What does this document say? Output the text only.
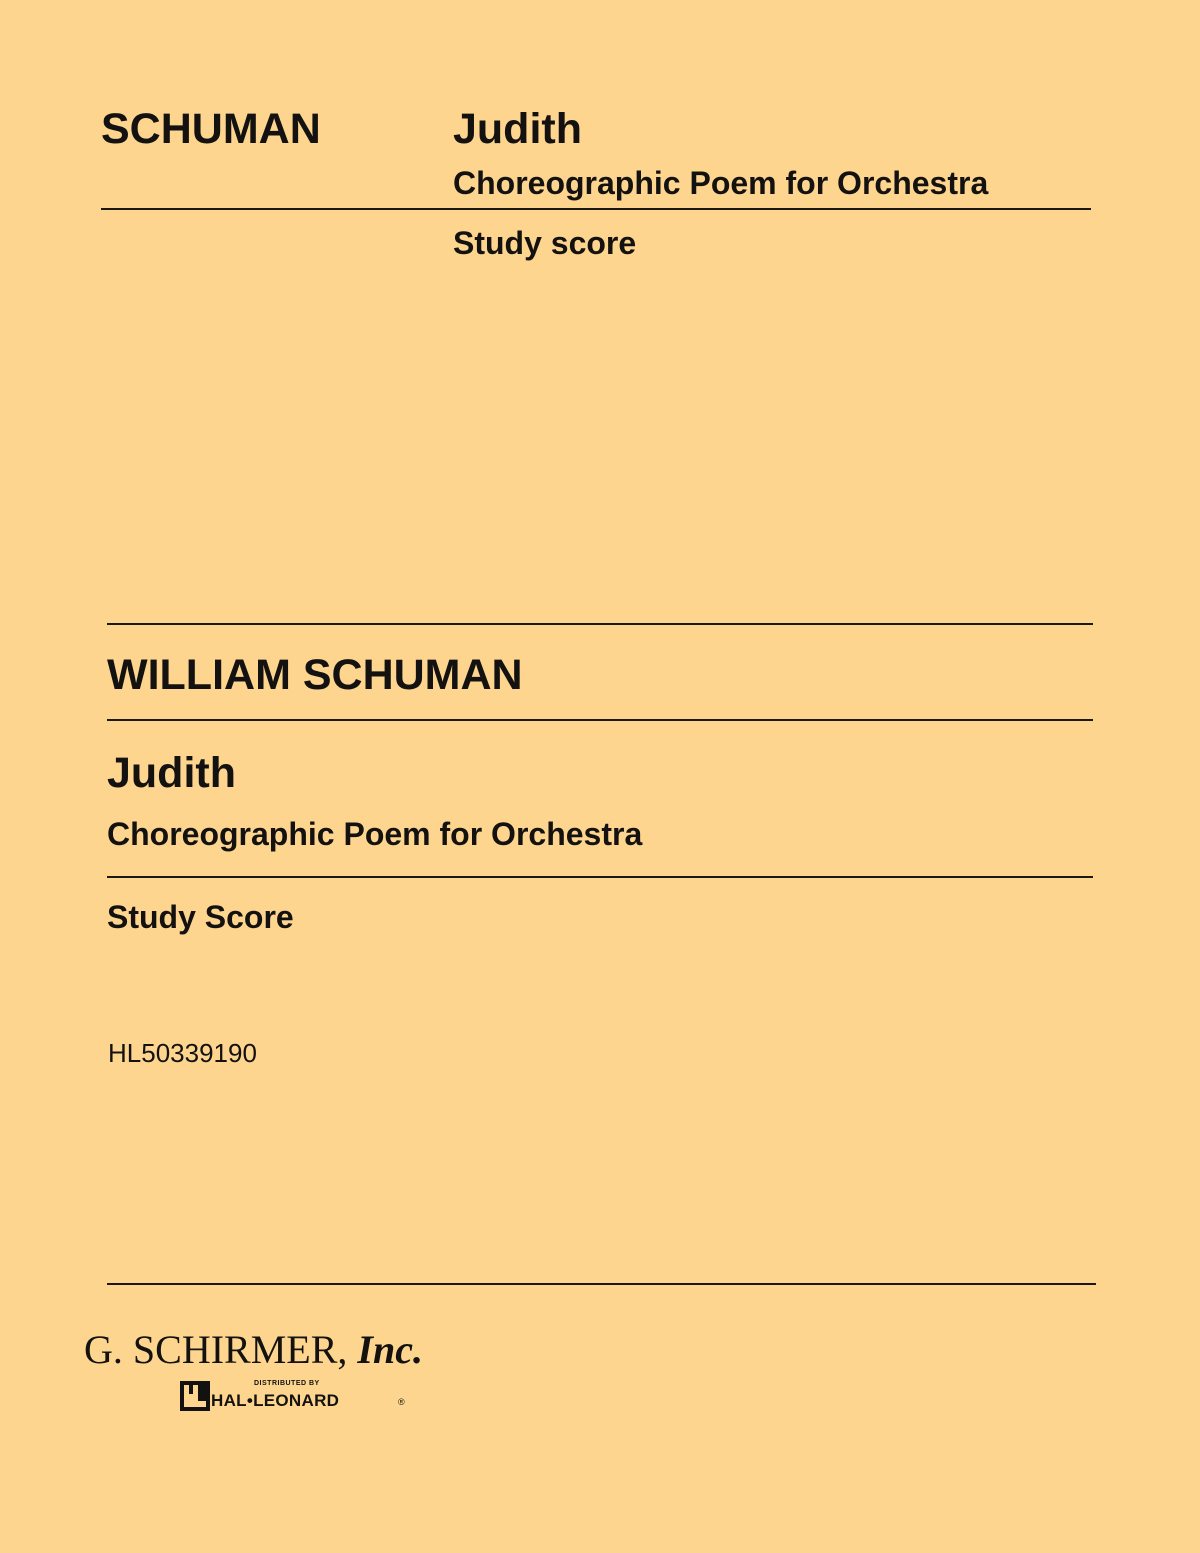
SCHUMAN	Judith
Choreographic Poem for Orchestra
Study score
WILLIAM SCHUMAN
Judith
Choreographic Poem for Orchestra
Study Score
HL50339190
G. SCHIRMER, Inc.
DISTRIBUTED BY
HAL•LEONARD	®
